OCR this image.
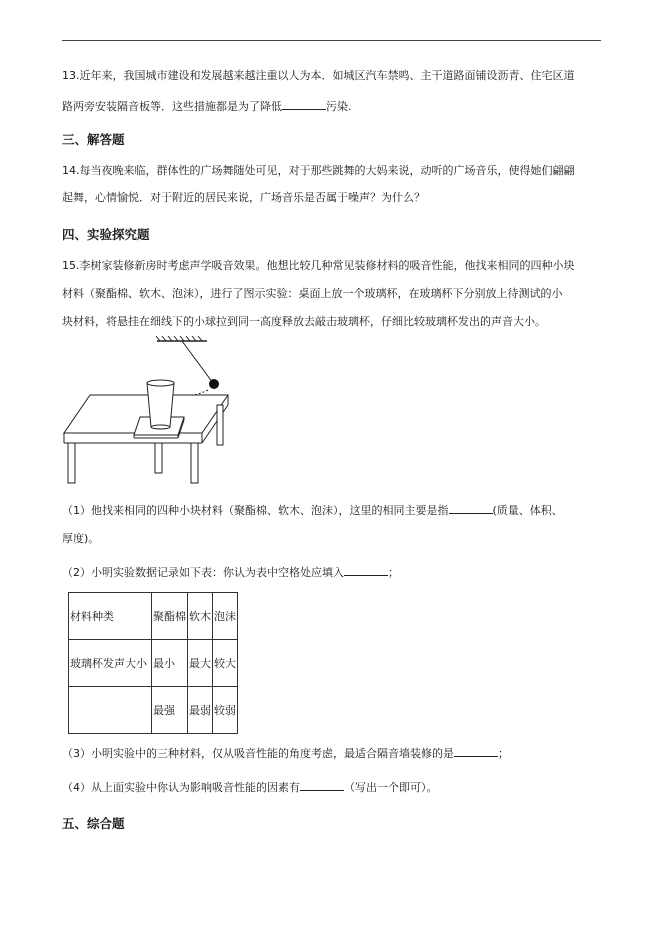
13.近年来，我国城市建设和发展越来越注重以人为本．如城区汽车禁鸣、主干道路面铺设沥青、住宅区道
路两旁安装隔音板等．这些措施都是为了降低	污染.
三、解答题
14.每当夜晚来临，群体性的广场舞随处可见，对于那些跳舞的大妈来说，动听的广场音乐，使得她们翩翩
起舞，心情愉悦．对于附近的居民来说，广场音乐是否属于噪声？为什么？
四、实验探究题
15.李树家装修新房时考虑声学吸音效果。他想比较几种常见装修材料的吸音性能，他找来相同的四种小块
材料（聚酯棉、软木、泡沫），进行了图示实验：桌面上放一个玻璃杯，在玻璃杯下分别放上待测试的小
块材料，将悬挂在细线下的小球拉到同一高度释放去敲击玻璃杯，仔细比较玻璃杯发出的声音大小。
（1）他找来相同的四种小块材料（聚酯棉、软木、泡沫），这里的相同主要是指	(质量、体积、
厚度)。
（2）小明实验数据记录如下表：你认为表中空格处应填入	；
材料种类	聚酯棉	软木	泡沫
玻璃杯发声大小	最小	最大	较大
	最强	最弱	较弱
（3）小明实验中的三种材料，仅从吸音性能的角度考虑，最适合隔音墙装修的是	；
（4）从上面实验中你认为影响吸音性能的因素有	（写出一个即可）。
五、综合题
